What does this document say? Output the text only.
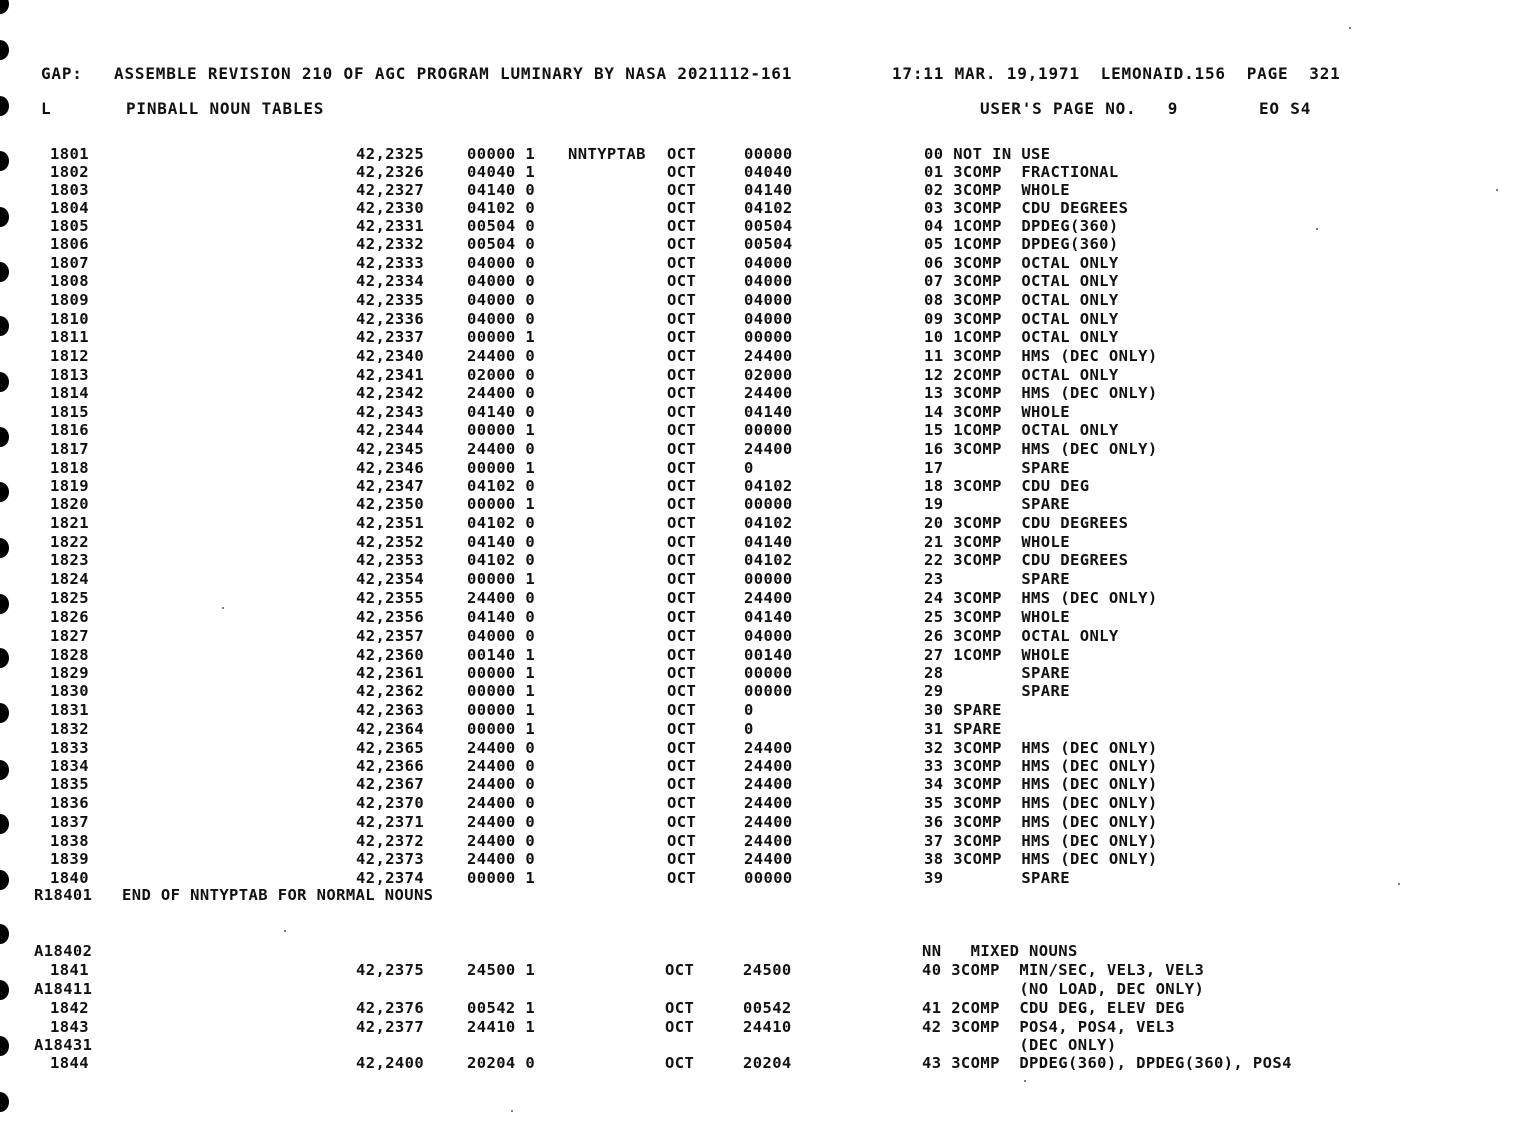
GAP:   ASSEMBLE REVISION 210 OF AGC PROGRAM LUMINARY BY NASA 2021112-161

	17:11 MAR. 19,1971  LEMONAID.156  PAGE  321

L

	PINBALL NOUN TABLES

	USER'S PAGE NO.   9

	EO S4

1801	42,2325	00000 1 NNTYPTAB OCT	00000	00 NOT IN USE
1802	42,2326	04040 1	OCT	04040	01 3COMP  FRACTIONAL
1803	42,2327	04140 0	OCT	04140	02 3COMP  WHOLE
1804	42,2330	04102 0	OCT	04102	03 3COMP  CDU DEGREES
1805	42,2331	00504 0	OCT	00504	04 1COMP  DPDEG(360)
1806	42,2332	00504 0	OCT	00504	05 1COMP  DPDEG(360)
1807	42,2333	04000 0	OCT	04000	06 3COMP  OCTAL ONLY
1808	42,2334	04000 0	OCT	04000	07 3COMP  OCTAL ONLY
1809	42,2335	04000 0	OCT	04000	08 3COMP  OCTAL ONLY
1810	42,2336	04000 0	OCT	04000	09 3COMP  OCTAL ONLY
1811	42,2337	00000 1	OCT	00000	10 1COMP  OCTAL ONLY
1812	42,2340	24400 0	OCT	24400	11 3COMP  HMS (DEC ONLY)
1813	42,2341	02000 0	OCT	02000	12 2COMP  OCTAL ONLY
1814	42,2342	24400 0	OCT	24400	13 3COMP  HMS (DEC ONLY)
1815	42,2343	04140 0	OCT	04140	14 3COMP  WHOLE
1816	42,2344	00000 1	OCT	00000	15 1COMP  OCTAL ONLY
1817	42,2345	24400 0	OCT	24400	16 3COMP  HMS (DEC ONLY)
1818	42,2346	00000 1	OCT	0	17        SPARE
1819	42,2347	04102 0	OCT	04102	18 3COMP  CDU DEG
1820	42,2350	00000 1	OCT	00000	19        SPARE
1821	42,2351	04102 0	OCT	04102	20 3COMP  CDU DEGREES
1822	42,2352	04140 0	OCT	04140	21 3COMP  WHOLE
1823	42,2353	04102 0	OCT	04102	22 3COMP  CDU DEGREES
1824	42,2354	00000 1	OCT	00000	23        SPARE
1825	42,2355	24400 0	OCT	24400	24 3COMP  HMS (DEC ONLY)
1826	42,2356	04140 0	OCT	04140	25 3COMP  WHOLE
1827	42,2357	04000 0	OCT	04000	26 3COMP  OCTAL ONLY
1828	42,2360	00140 1	OCT	00140	27 1COMP  WHOLE
1829	42,2361	00000 1	OCT	00000	28        SPARE
1830	42,2362	00000 1	OCT	00000	29        SPARE
1831	42,2363	00000 1	OCT	0	30 SPARE
1832	42,2364	00000 1	OCT	0	31 SPARE
1833	42,2365	24400 0	OCT	24400	32 3COMP  HMS (DEC ONLY)
1834	42,2366	24400 0	OCT	24400	33 3COMP  HMS (DEC ONLY)
1835	42,2367	24400 0	OCT	24400	34 3COMP  HMS (DEC ONLY)
1836	42,2370	24400 0	OCT	24400	35 3COMP  HMS (DEC ONLY)
1837	42,2371	24400 0	OCT	24400	36 3COMP  HMS (DEC ONLY)
1838	42,2372	24400 0	OCT	24400	37 3COMP  HMS (DEC ONLY)
1839	42,2373	24400 0	OCT	24400	38 3COMP  HMS (DEC ONLY)
1840	42,2374	00000 1	OCT	00000	39        SPARE
R18401 END OF NNTYPTAB FOR NORMAL NOUNS
A18402	NN   MIXED NOUNS
1841	42,2375	24500 1	OCT	24500	40 3COMP  MIN/SEC, VEL3, VEL3
A18411	(NO LOAD, DEC ONLY)
1842	42,2376	00542 1	OCT	00542	41 2COMP  CDU DEG, ELEV DEG
1843	42,2377	24410 1	OCT	24410	42 3COMP  POS4, POS4, VEL3
A18431	(DEC ONLY)
1844	42,2400	20204 0	OCT	20204	43 3COMP  DPDEG(360), DPDEG(360), POS4
